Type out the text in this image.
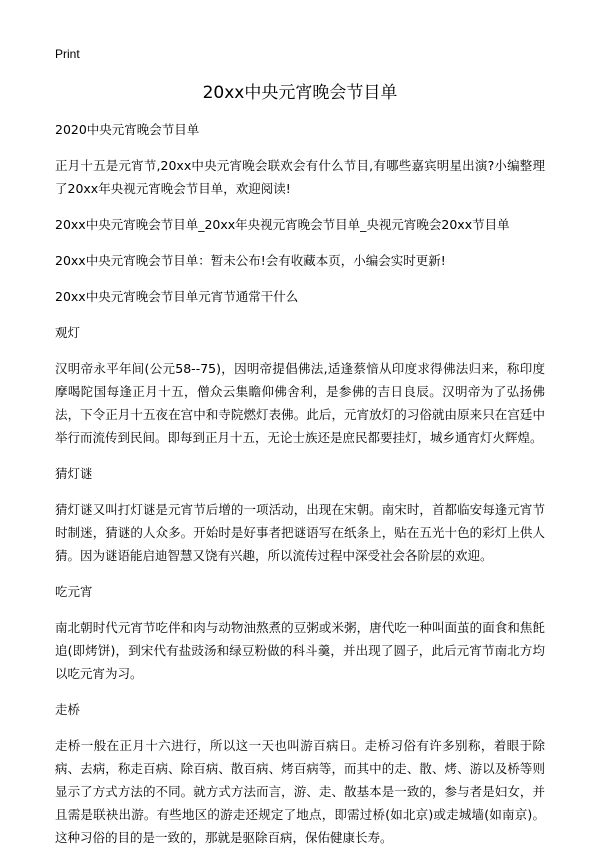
Print
20xx中央元宵晚会节目单

2020中央元宵晚会节目单

正月十五是元宵节,20xx中央元宵晚会联欢会有什么节目,有哪些嘉宾明星出演?小编整理了20xx年央视元宵晚会节目单，欢迎阅读!

20xx中央元宵晚会节目单_20xx年央视元宵晚会节目单_央视元宵晚会20xx节目单

20xx中央元宵晚会节目单：暂未公布!会有收藏本页，小编会实时更新!

20xx中央元宵晚会节目单元宵节通常干什么

观灯

汉明帝永平年间(公元58--75)，因明帝提倡佛法,适逢蔡愔从印度求得佛法归来，称印度摩喝陀国每逢正月十五，僧众云集瞻仰佛舍利，是参佛的吉日良辰。汉明帝为了弘扬佛法，下令正月十五夜在宫中和寺院燃灯表佛。此后，元宵放灯的习俗就由原来只在宫廷中举行而流传到民间。即每到正月十五，无论士族还是庶民都要挂灯，城乡通宵灯火辉煌。

猜灯谜

猜灯谜又叫打灯谜是元宵节后增的一项活动，出现在宋朝。南宋时，首都临安每逢元宵节时制迷，猜谜的人众多。开始时是好事者把谜语写在纸条上，贴在五光十色的彩灯上供人猜。因为谜语能启迪智慧又饶有兴趣，所以流传过程中深受社会各阶层的欢迎。

吃元宵

南北朝时代元宵节吃伴和肉与动物油熬煮的豆粥或米粥，唐代吃一种叫面茧的面食和焦飥追(即烤饼)，到宋代有盐豉汤和绿豆粉做的科斗羹，并出现了圆子，此后元宵节南北方均以吃元宵为习。

走桥

走桥一般在正月十六进行，所以这一天也叫游百病日。走桥习俗有许多别称，着眼于除病、去病，称走百病、除百病、散百病、烤百病等，而其中的走、散、烤、游以及桥等则显示了方式方法的不同。就方式方法而言，游、走、散基本是一致的，参与者是妇女，并且需是联袂出游。有些地区的游走还规定了地点，即需过桥(如北京)或走城墙(如南京)。这种习俗的目的是一致的，那就是驱除百病，保佑健康长寿。
